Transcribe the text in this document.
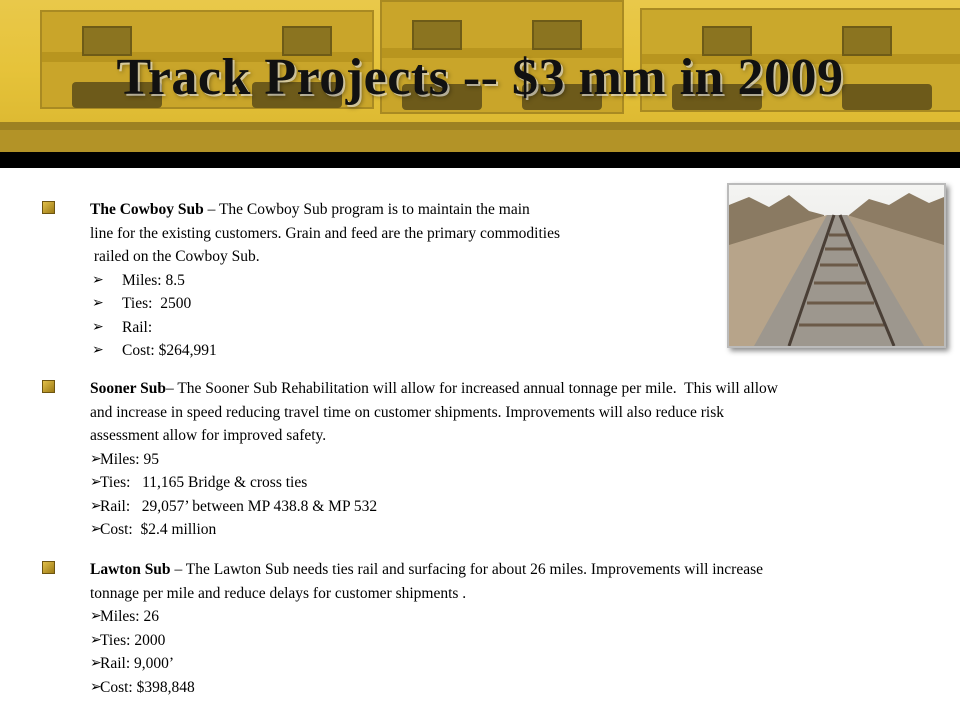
Track Projects -- $3 mm in 2009
The Cowboy Sub – The Cowboy Sub program is to maintain the main
line for the existing customers. Grain and feed are the primary commodities
railed on the Cowboy Sub.
➢ Miles: 8.5
➢ Ties:  2500
➢ Rail:
➢ Cost: $264,991
Sooner Sub– The Sooner Sub Rehabilitation will allow for increased annual tonnage per mile.  This will allow
and increase in speed reducing travel time on customer shipments. Improvements will also reduce risk
assessment allow for improved safety.
➢
Miles: 95
➢
Ties:   11,165 Bridge & cross ties
➢
Rail:   29,057’ between MP 438.8 & MP 532
➢
Cost:  $2.4 million
Lawton Sub – The Lawton Sub needs ties rail and surfacing for about 26 miles. Improvements will increase
tonnage per mile and reduce delays for customer shipments .
➢
Miles: 26
➢
Ties: 2000
➢
Rail: 9,000’
➢
Cost: $398,848
